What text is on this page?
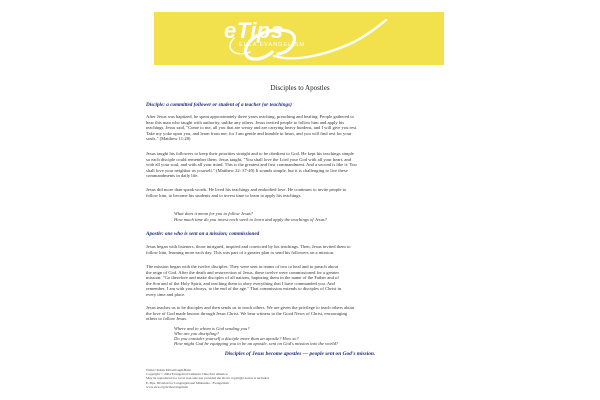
eTips
ELCA EVANGELISM
Disciples to Apostles
Disciple: a committed follower or student of a teacher (or teachings)
After Jesus was baptized, he spent approximately three years teaching, preaching and healing. People gathered to
hear this man who taught with authority, unlike any others. Jesus invited people to follow him and apply his
teachings. Jesus said, "Come to me, all you that are weary and are carrying heavy burdens, and I will give you rest.
Take my yoke upon you, and learn from me; for I am gentle and humble in heart, and you will find rest for your
souls." (Matthew 11:28)
Jesus taught his followers to keep their priorities straight and to be obedient to God. He kept his teachings simple
so each disciple could remember them. Jesus taught, "You shall love the Lord your God with all your heart, and
with all your soul, and with all your mind. This is the greatest and first commandment. And a second is like it: You
shall love your neighbor as yourself." (Matthew 22: 37-40) It sounds simple, but it is challenging to live these
commandments in daily life.
Jesus did more than speak words. He lived his teachings and embodied love. He continues to invite people to
follow him, to become his students and to invest time to learn to apply his teachings.
What does it mean for you to follow Jesus?
How much time do you invest each week to learn and apply the teachings of Jesus?
Apostle: one who is sent on a mission; commissioned
Jesus began with listeners, those intrigued, inspired and convicted by his teachings. Then, Jesus invited them to
follow him, learning more each day. This was part of a greater plan to send his followers on a mission.
The mission began with the twelve disciples. They were sent in teams of two to heal and to preach about
the reign of God. After the death and resurrection of Jesus, these twelve were commissioned for a greater
mission: "Go therefore and make disciples of all nations, baptizing them in the name of the Father and of
the Son and of the Holy Spirit, and teaching them to obey everything that I have commanded you. And
remember, I am with you always, to the end of the age." That commission extends to disciples of Christ in
every time and place.
Jesus teaches us to be disciples and then sends us to teach others. We are given the privilege to teach others about
the love of God made known through Jesus Christ. We bear witness to the Good News of Christ, encouraging
others to follow Jesus.
Where and to whom is God sending you?
Who are you discipling?
Do you consider yourself a disciple more than an apostle? How so?
How might God be equipping you to be an apostle, sent on God's mission into the world?
Disciples of Jesus become apostles — people sent on God's mission.
Writer: Robin McCullough-Bade
Copyright © 2004 Evangelical Lutheran Church in America.
May be reproduced for local, non-sale use provided the above copyright notice is included.
E-Tips, Division for Congregational Ministries - Evangelism
www.elca.org/dcm/evangelism
